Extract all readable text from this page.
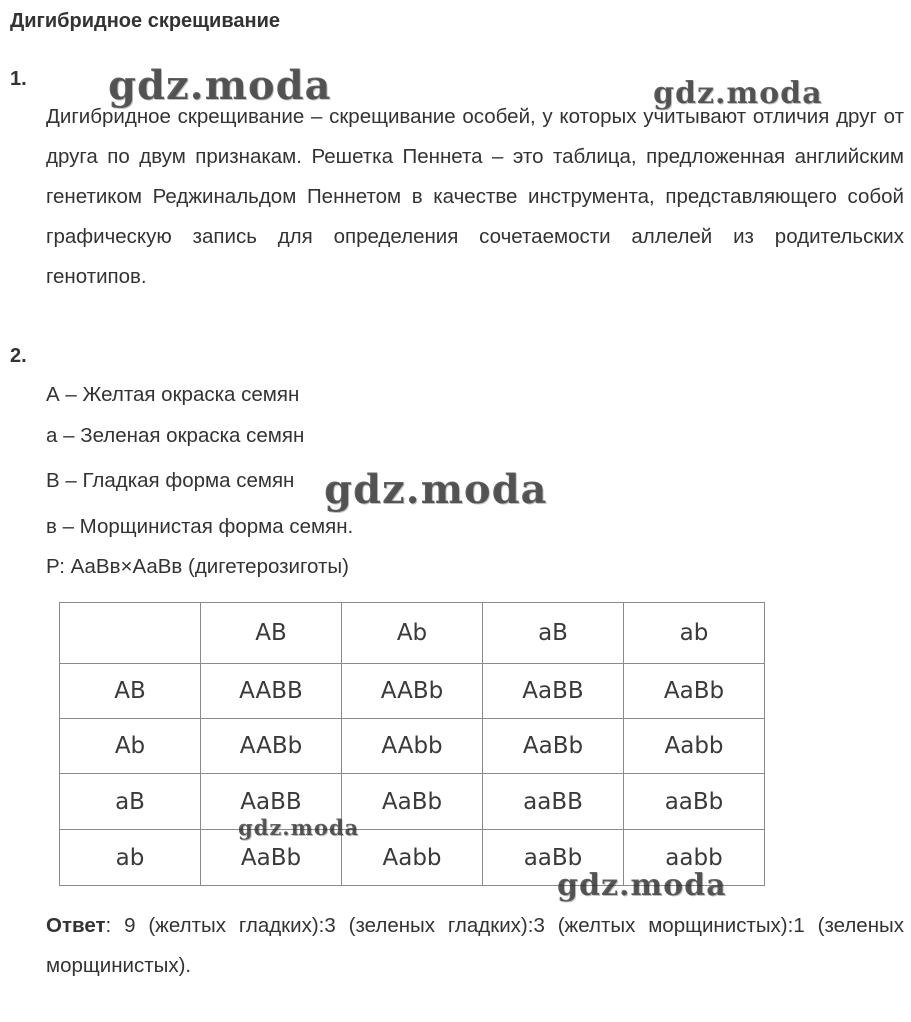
Дигибридное скрещивание
1.
Дигибридное скрещивание – скрещивание особей, у которых учитывают отличия друг от друга по двум признакам. Решетка Пеннета – это таблица, предложенная английским генетиком Реджинальдом Пеннетом в качестве инструмента, представляющего собой графическую запись для определения сочетаемости аллелей из родительских генотипов.
2.
А – Желтая окраска семян
а – Зеленая окраска семян
В – Гладкая форма семян
в – Морщинистая форма семян.
Р: АаВв×АаВв (дигетерозиготы)
	AB	Ab	aB	ab
AB	AABB	AABb	AaBB	AaBb
Ab	AABb	AAbb	AaBb	Aabb
aB	AaBB	AaBb	aaBB	aaBb
ab	AaBb	Aabb	aaBb	aabb
Ответ: 9 (желтых гладких):3 (зеленых гладких):3 (желтых морщинистых):1 (зеленых морщинистых).
gdz.moda	gdz.moda
gdz.moda
gdz.moda
gdz.moda
